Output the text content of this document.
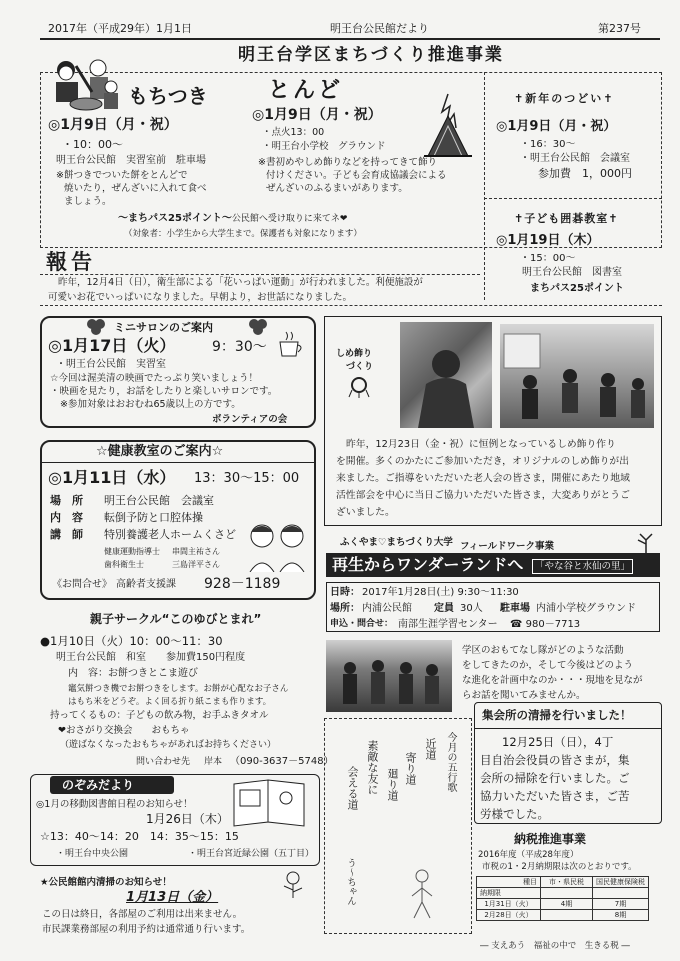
2017年（平成29年）1月1日	明王台公民館だより	第237号
明王台学区まちづくり推進事業
もちつき
◎1月9日（月・祝）
・10：00～
明王台公民館　実習室前　駐車場
※餅つきでついた餅をとんどで
焼いたり，ぜんざいに入れて食べ
ましょう。
とんど
◎1月9日（月・祝）
・点火13：00
・明王台小学校　グラウンド
※書初めやしめ飾りなどを持ってきて飾り
付けください。子ども会育成協議会による
ぜんざいのふるまいがあります。
～まちパス25ポイント～公民館へ受け取りに来てネ❤
（対象者：小学生から大学生まで。保護者も対象になります）
✝新年のつどい✝
◎1月9日（月・祝）
・16：30～
・明王台公民館　会議室
参加費　1，000円
✝子ども囲碁教室✝
◎1月19日（木）
・15：00～
明王台公民館　図書室
まちパス25ポイント
報告
昨年，12月4日（日），衛生部による「花いっぱい運動」が行われました。利便施設が
可愛いお花でいっぱいになりました。早朝より，お世話になりました。
ミニサロンのご案内
◎1月17日（火）	9：30～
・明王台公民館　実習室
☆今回は渥美清の映画でたっぷり笑いましょう！
・映画を見たり，お話をしたりと楽しいサロンです。
※参加対象はおおむね65歳以上の方です。
ボランティアの会
☆健康教室のご案内☆
◎1月11日（水） 13：30～15：00
場　所 明王台公民館　会議室
内　容 転倒予防と口腔体操
講　師 特別養護老人ホームくさど
健康運動指導士 串間主祐さん
歯科衛生士	三島洋平さん
《お問合せ》 高齢者支援課 928－1189
しめ飾り
づくり
昨年，12月23日（金・祝）に恒例となっているしめ飾り作り
を開催。多くのかたにご参加いただき，オリジナルのしめ飾りが出
来ました。ご指導をいただいた老人会の皆さま，開催にあたり地域
活性部会を中心に当日ご協力いただいた皆さま，大変ありがとうご
ざいました。
ふくやま♡まちづくり大学 フィールドワーク事業
再生からワンダーランドへ	「やな谷と水仙の里」
日時： 2017年1月28日(土) 9:30～11:30
場所： 内浦公民館 定員 30人 駐車場 内浦小学校グラウンド
申込・問合せ： 南部生涯学習センター ☎ 980－7713
学区のおもてなし隊がどのような活動
をしてきたのか，そして今後はどのよう
な進化を計画中なのか・・・現地を見なが
らお話を聞いてみませんか。
親子サークル“このゆびとまれ”
●1月10日（火）10：00～11：30
明王台公民館　和室　　参加費150円程度
内　容：お餅つきとこま遊び
竈気餅つき機でお餅つきをします。お餅が心配なお子さん
はもち米をどうぞ。よく回る折り紙こまも作ります。
持ってくるもの：子どもの飲み物，お手ふきタオル
❤おさがり交換会　　おもちゃ
（遊ばなくなったおもちゃがあればお持ちください）
問い合わせ先 岸本 （090-3637－5748）
のぞみだより
◎1月の移動図書館日程のお知らせ！
1月26日（木）
☆13：40～14：20　14：35～15：15
・明王台中央公園	・明王台宮近緑公園（五丁目）
★公民館館内清掃のお知らせ！
1月13日（金）
この日は終日，各部屋のご利用は出来ません。
市民課業務部屋の利用予約は通常通り行います。
今月の五行歌
近道
寄り道
廻り道
素敵な友に
会える道
う～ちゃん
集会所の清掃を行いました！
12月25日（日），4丁
目自治会役員の皆さまが，集
会所の掃除を行いました。ご
協力いただいた皆さま，ご苦
労様でした。
納税推進事業
2016年度（平成28年度）
市税の1・2月納期限は次のとおりです。
種目	市・県民税	国民健康保険税
納期限		
1月31日（火）	4期	7期
2月28日（火）		8期
― 支えあう　福祉の中で　生きる税 ―
